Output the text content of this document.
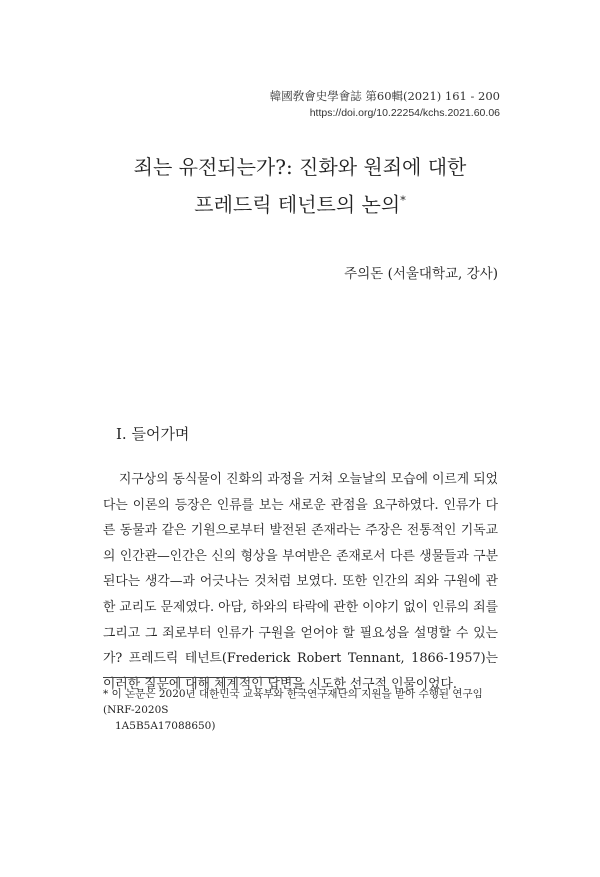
韓國敎會史學會誌 第60輯(2021) 161 - 200
https://doi.org/10.22254/kchs.2021.60.06
죄는 유전되는가?: 진화와 원죄에 대한
프레드릭 테넌트의 논의*
주의돈 (서울대학교, 강사)
I. 들어가며

지구상의 동식물이 진화의 과정을 거쳐 오늘날의 모습에 이르게 되었다는 이론의 등장은 인류를 보는 새로운 관점을 요구하였다. 인류가 다른 동물과 같은 기원으로부터 발전된 존재라는 주장은 전통적인 기독교의 인간관—인간은 신의 형상을 부여받은 존재로서 다른 생물들과 구분된다는 생각—과 어긋나는 것처럼 보였다. 또한 인간의 죄와 구원에 관한 교리도 문제였다. 아담, 하와의 타락에 관한 이야기 없이 인류의 죄를 그리고 그 죄로부터 인류가 구원을 얻어야 할 필요성을 설명할 수 있는가? 프레드릭 테넌트(Frederick Robert Tennant, 1866-1957)는 이러한 질문에 대해 체계적인 답변을 시도한 선구적 인물이었다.

* 이 논문은 2020년 대한민국 교육부와 한국연구재단의 지원을 받아 수행된 연구임(NRF-2020S
1A5B5A17088650)
